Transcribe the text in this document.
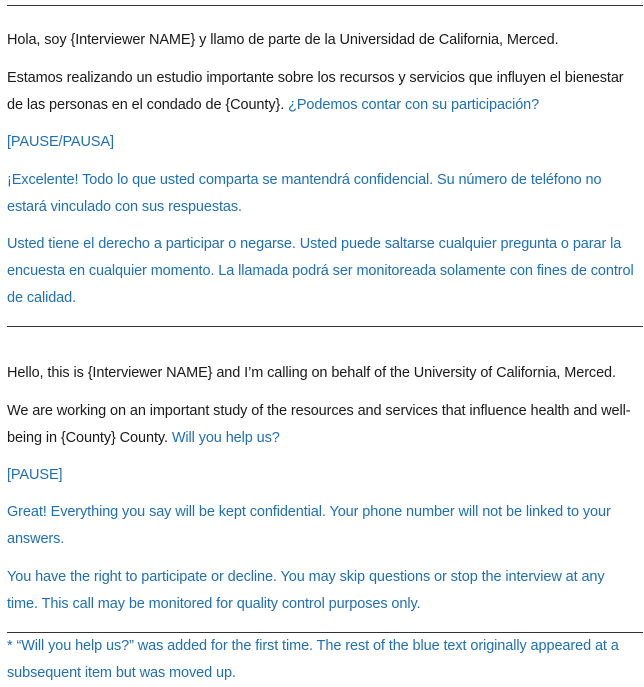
Hola, soy {Interviewer NAME} y llamo de parte de la Universidad de California, Merced.

Estamos realizando un estudio importante sobre los recursos y servicios que influyen el bienestar de las personas en el condado de {County}. ¿Podemos contar con su participación?

[PAUSE/PAUSA]

¡Excelente! Todo lo que usted comparta se mantendrá confidencial. Su número de teléfono no estará vinculado con sus respuestas.

Usted tiene el derecho a participar o negarse. Usted puede saltarse cualquier pregunta o parar la encuesta en cualquier momento. La llamada podrá ser monitoreada solamente con fines de control de calidad.

Hello, this is {Interviewer NAME} and I’m calling on behalf of the University of California, Merced.

We are working on an important study of the resources and services that influence health and well-being in {County} County. Will you help us?

[PAUSE]

Great! Everything you say will be kept confidential. Your phone number will not be linked to your answers.

You have the right to participate or decline. You may skip questions or stop the interview at any time. This call may be monitored for quality control purposes only.

* “Will you help us?” was added for the first time. The rest of the blue text originally appeared at a subsequent item but was moved up.
